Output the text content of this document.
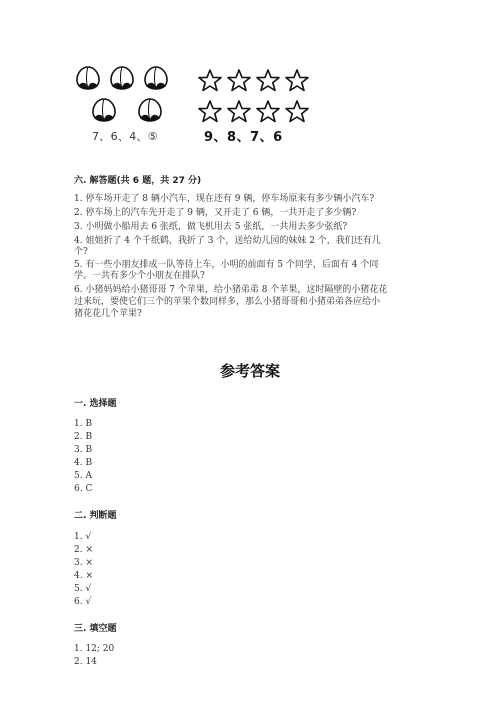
7、6、4、⑤	9、8、7、6
六. 解答题(共 6 题，共 27 分)
1. 停车场开走了 8 辆小汽车，现在还有 9 辆，停车场原来有多少辆小汽车?
2. 停车场上的汽车先开走了 9 辆，又开走了 6 辆，一共开走了多少辆?
3. 小明做小船用去 6 张纸，做飞机用去 5 张纸，一共用去多少张纸?
4. 姐姐折了 4 个千纸鹤，我折了 3 个，送给幼儿园的妹妹 2 个，我们还有几
个?
5. 有一些小朋友排成一队等待上车，小明的前面有 5 个同学，后面有 4 个同
学。一共有多少个小朋友在排队?
6. 小猪妈妈给小猪哥哥 7 个苹果，给小猪弟弟 8 个苹果，这时隔壁的小猪花花
过来玩，要使它们三个的苹果个数同样多，那么小猪哥哥和小猪弟弟各应给小
猪花花几个苹果?
参考答案
一. 选择题
1. B
2. B
3. B
4. B
5. A
6. C
二. 判断题
1. √
2. ×
3. ×
4. ×
5. √
6. √
三. 填空题
1. 12; 20
2. 14
